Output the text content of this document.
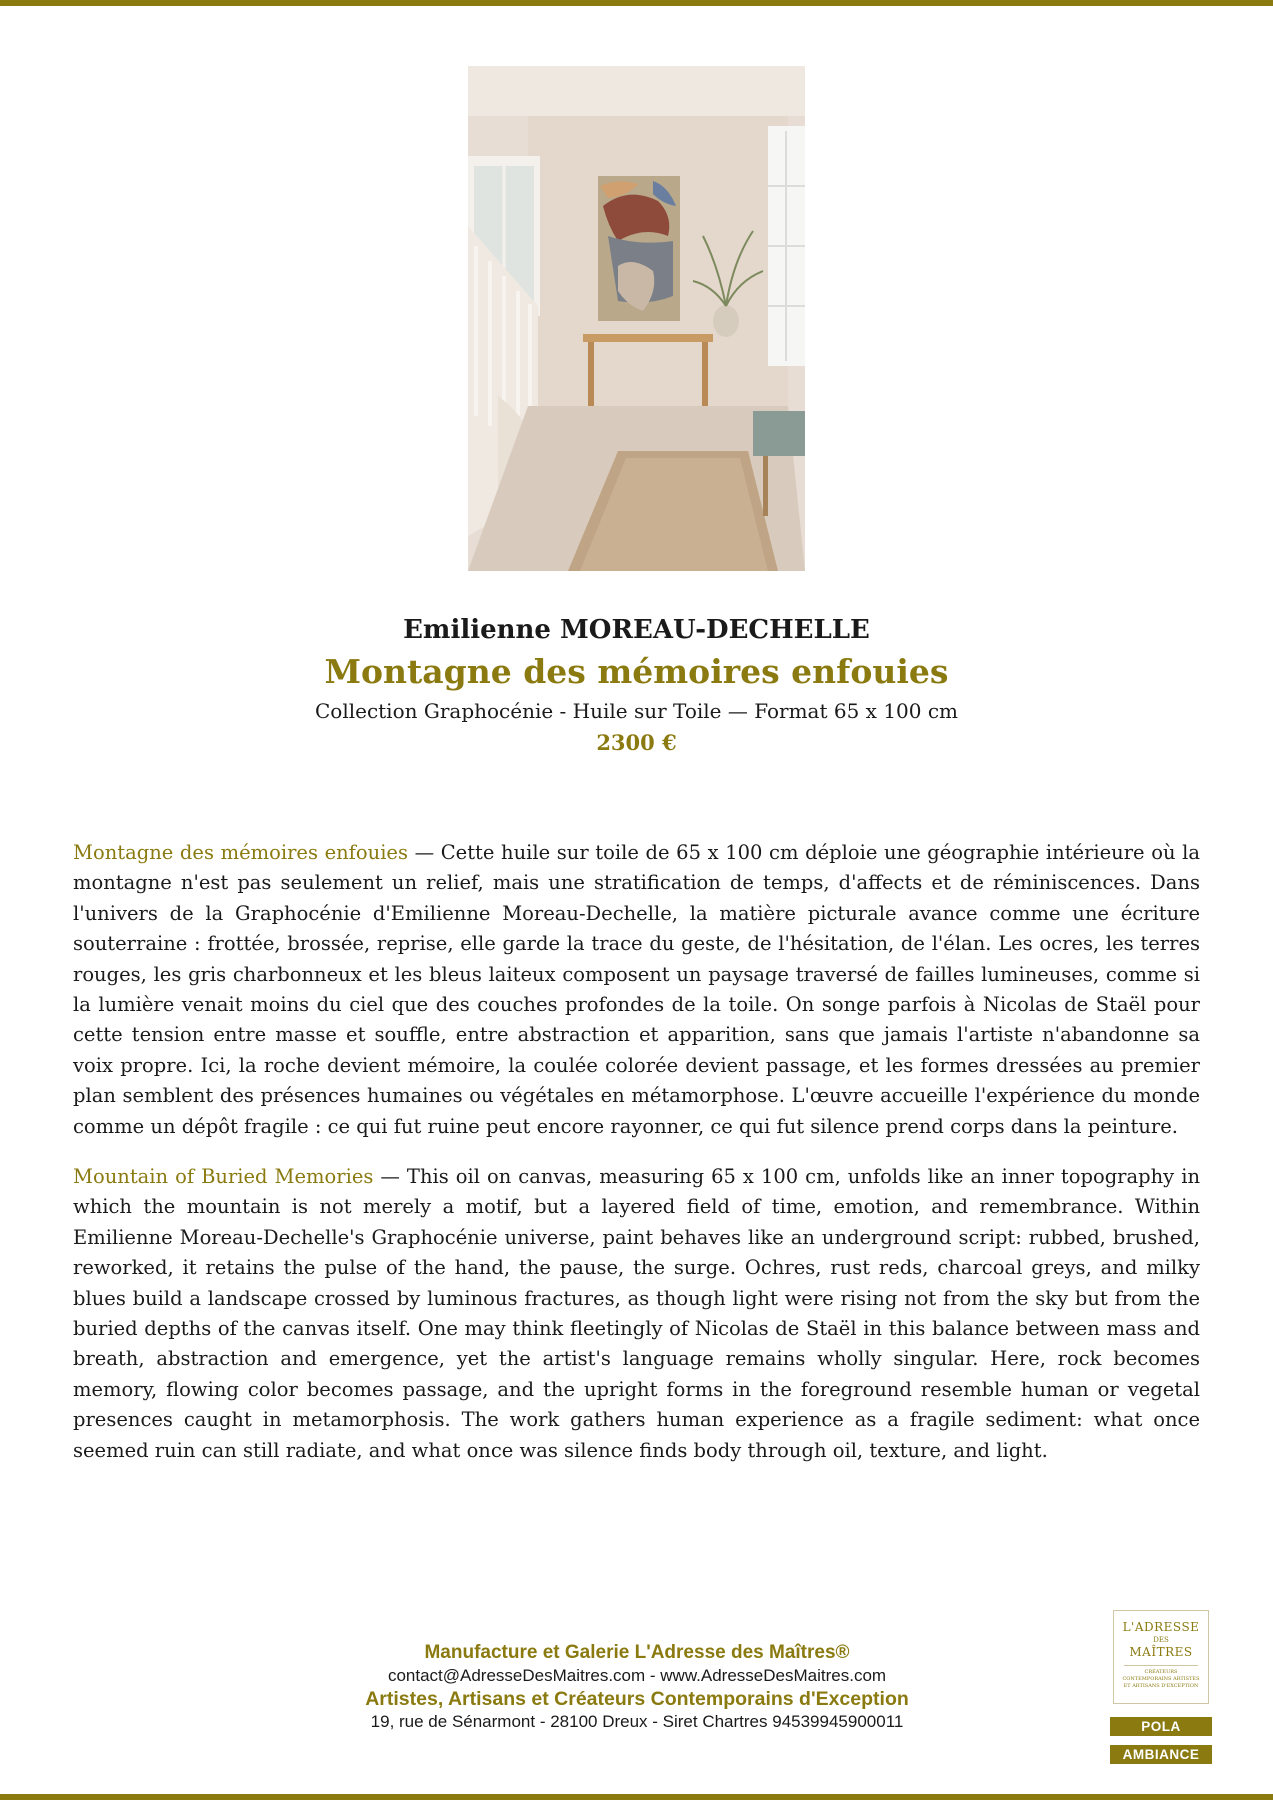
Emilienne MOREAU-DECHELLE
Montagne des mémoires enfouies
Collection Graphocénie - Huile sur Toile — Format 65 x 100 cm
2300 €
Montagne des mémoires enfouies — Cette huile sur toile de 65 x 100 cm déploie une géographie intérieure où la montagne n'est pas seulement un relief, mais une stratification de temps, d'affects et de réminiscences. Dans l'univers de la Graphocénie d'Emilienne Moreau-Dechelle, la matière picturale avance comme une écriture souterraine : frottée, brossée, reprise, elle garde la trace du geste, de l'hésitation, de l'élan. Les ocres, les terres rouges, les gris charbonneux et les bleus laiteux composent un paysage traversé de failles lumineuses, comme si la lumière venait moins du ciel que des couches profondes de la toile. On songe parfois à Nicolas de Staël pour cette tension entre masse et souffle, entre abstraction et apparition, sans que jamais l'artiste n'abandonne sa voix propre. Ici, la roche devient mémoire, la coulée colorée devient passage, et les formes dressées au premier plan semblent des présences humaines ou végétales en métamorphose. L'œuvre accueille l'expérience du monde comme un dépôt fragile : ce qui fut ruine peut encore rayonner, ce qui fut silence prend corps dans la peinture.
Mountain of Buried Memories — This oil on canvas, measuring 65 x 100 cm, unfolds like an inner topography in which the mountain is not merely a motif, but a layered field of time, emotion, and remembrance. Within Emilienne Moreau-Dechelle's Graphocénie universe, paint behaves like an underground script: rubbed, brushed, reworked, it retains the pulse of the hand, the pause, the surge. Ochres, rust reds, charcoal greys, and milky blues build a landscape crossed by luminous fractures, as though light were rising not from the sky but from the buried depths of the canvas itself. One may think fleetingly of Nicolas de Staël in this balance between mass and breath, abstraction and emergence, yet the artist's language remains wholly singular. Here, rock becomes memory, flowing color becomes passage, and the upright forms in the foreground resemble human or vegetal presences caught in metamorphosis. The work gathers human experience as a fragile sediment: what once seemed ruin can still radiate, and what once was silence finds body through oil, texture, and light.
Manufacture et Galerie L'Adresse des Maîtres®
contact@AdresseDesMaitres.com - www.AdresseDesMaitres.com
Artistes, Artisans et Créateurs Contemporains d'Exception
19, rue de Sénarmont - 28100 Dreux - Siret Chartres 94539945900011
L'ADRESSE
DES
MAÎTRES
CRÉATEURS CONTEMPORAINS ARTISTES ET ARTISANS D'EXCEPTION
POLA
AMBIANCE
